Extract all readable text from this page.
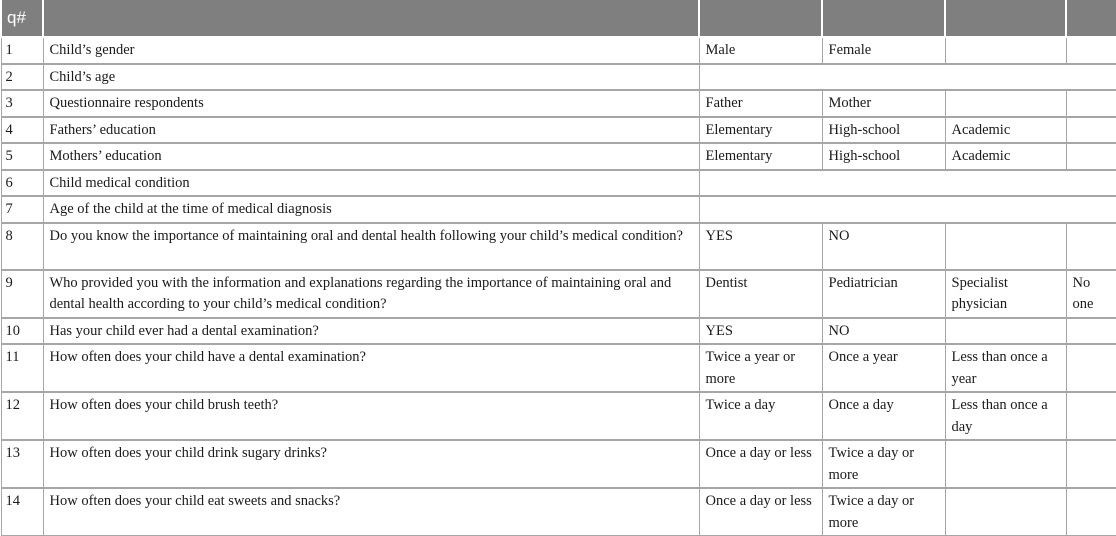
q#					
1	Child’s gender	Male	Female		
2	Child’s age				
3	Questionnaire respondents	Father	Mother		
4	Fathers’ education	Elementary	High-school	Academic	
5	Mothers’ education	Elementary	High-school	Academic	
6	Child medical condition				
7	Age of the child at the time of medical diagnosis				
8	Do you know the importance of maintaining oral and dental health following your child’s medical condition?	YES	NO		
9	Who provided you with the information and explanations regarding the importance of maintaining oral and dental health according to your child’s medical condition?	Dentist	Pediatrician	Specialist physician	No one
10	Has your child ever had a dental examination?	YES	NO		
11	How often does your child have a dental examination?	Twice a year or more	Once a year	Less than once a year	
12	How often does your child brush teeth?	Twice a day	Once a day	Less than once a day	
13	How often does your child drink sugary drinks?	Once a day or less	Twice a day or more		
14	How often does your child eat sweets and snacks?	Once a day or less	Twice a day or more		
